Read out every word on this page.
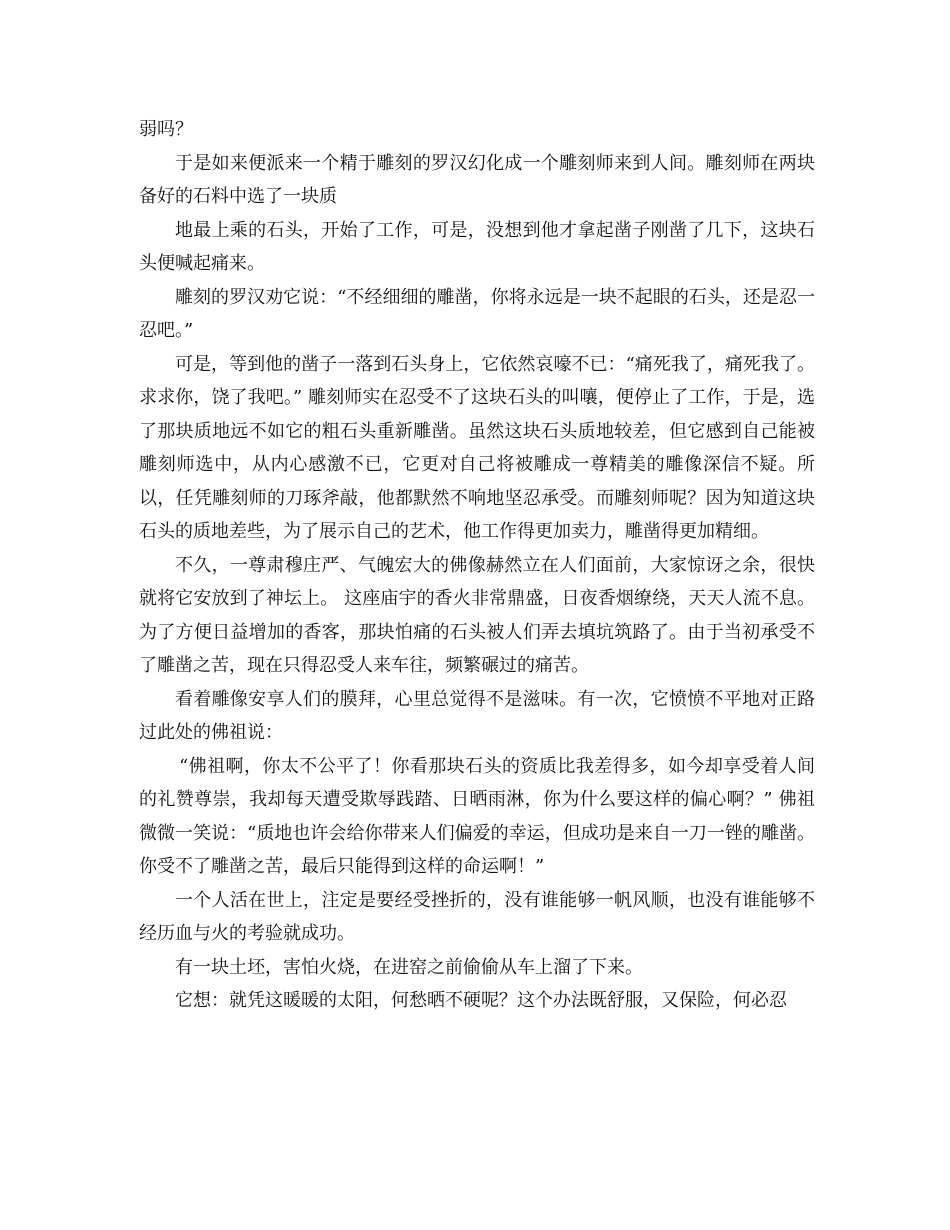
弱吗？

于是如来便派来一个精于雕刻的罗汉幻化成一个雕刻师来到人间。雕刻师在两块备好的石料中选了一块质

地最上乘的石头，开始了工作，可是，没想到他才拿起凿子刚凿了几下，这块石头便喊起痛来。

雕刻的罗汉劝它说：“不经细细的雕凿，你将永远是一块不起眼的石头，还是忍一忍吧。”

可是，等到他的凿子一落到石头身上，它依然哀嚎不已：“痛死我了，痛死我了。求求你，饶了我吧。” 雕刻师实在忍受不了这块石头的叫嚷，便停止了工作，于是，选了那块质地远不如它的粗石头重新雕凿。虽然这块石头质地较差，但它感到自己能被雕刻师选中，从内心感激不已，它更对自己将被雕成一尊精美的雕像深信不疑。所以，任凭雕刻师的刀琢斧敲，他都默然不响地坚忍承受。而雕刻师呢？因为知道这块石头的质地差些，为了展示自己的艺术，他工作得更加卖力，雕凿得更加精细。

不久，一尊肃穆庄严、气魄宏大的佛像赫然立在人们面前，大家惊讶之余，很快就将它安放到了神坛上。 这座庙宇的香火非常鼎盛，日夜香烟缭绕，天天人流不息。为了方便日益增加的香客，那块怕痛的石头被人们弄去填坑筑路了。由于当初承受不了雕凿之苦，现在只得忍受人来车往，频繁碾过的痛苦。

看着雕像安享人们的膜拜，心里总觉得不是滋味。有一次，它愤愤不平地对正路过此处的佛祖说：

“佛祖啊，你太不公平了！你看那块石头的资质比我差得多，如今却享受着人间的礼赞尊崇，我却每天遭受欺辱践踏、日晒雨淋，你为什么要这样的偏心啊？” 佛祖微微一笑说：“质地也许会给你带来人们偏爱的幸运，但成功是来自一刀一锉的雕凿。你受不了雕凿之苦，最后只能得到这样的命运啊！”

一个人活在世上，注定是要经受挫折的，没有谁能够一帆风顺，也没有谁能够不经历血与火的考验就成功。

有一块土坯，害怕火烧，在进窑之前偷偷从车上溜了下来。

它想：就凭这暖暖的太阳，何愁晒不硬呢？这个办法既舒服，又保险，何必忍
